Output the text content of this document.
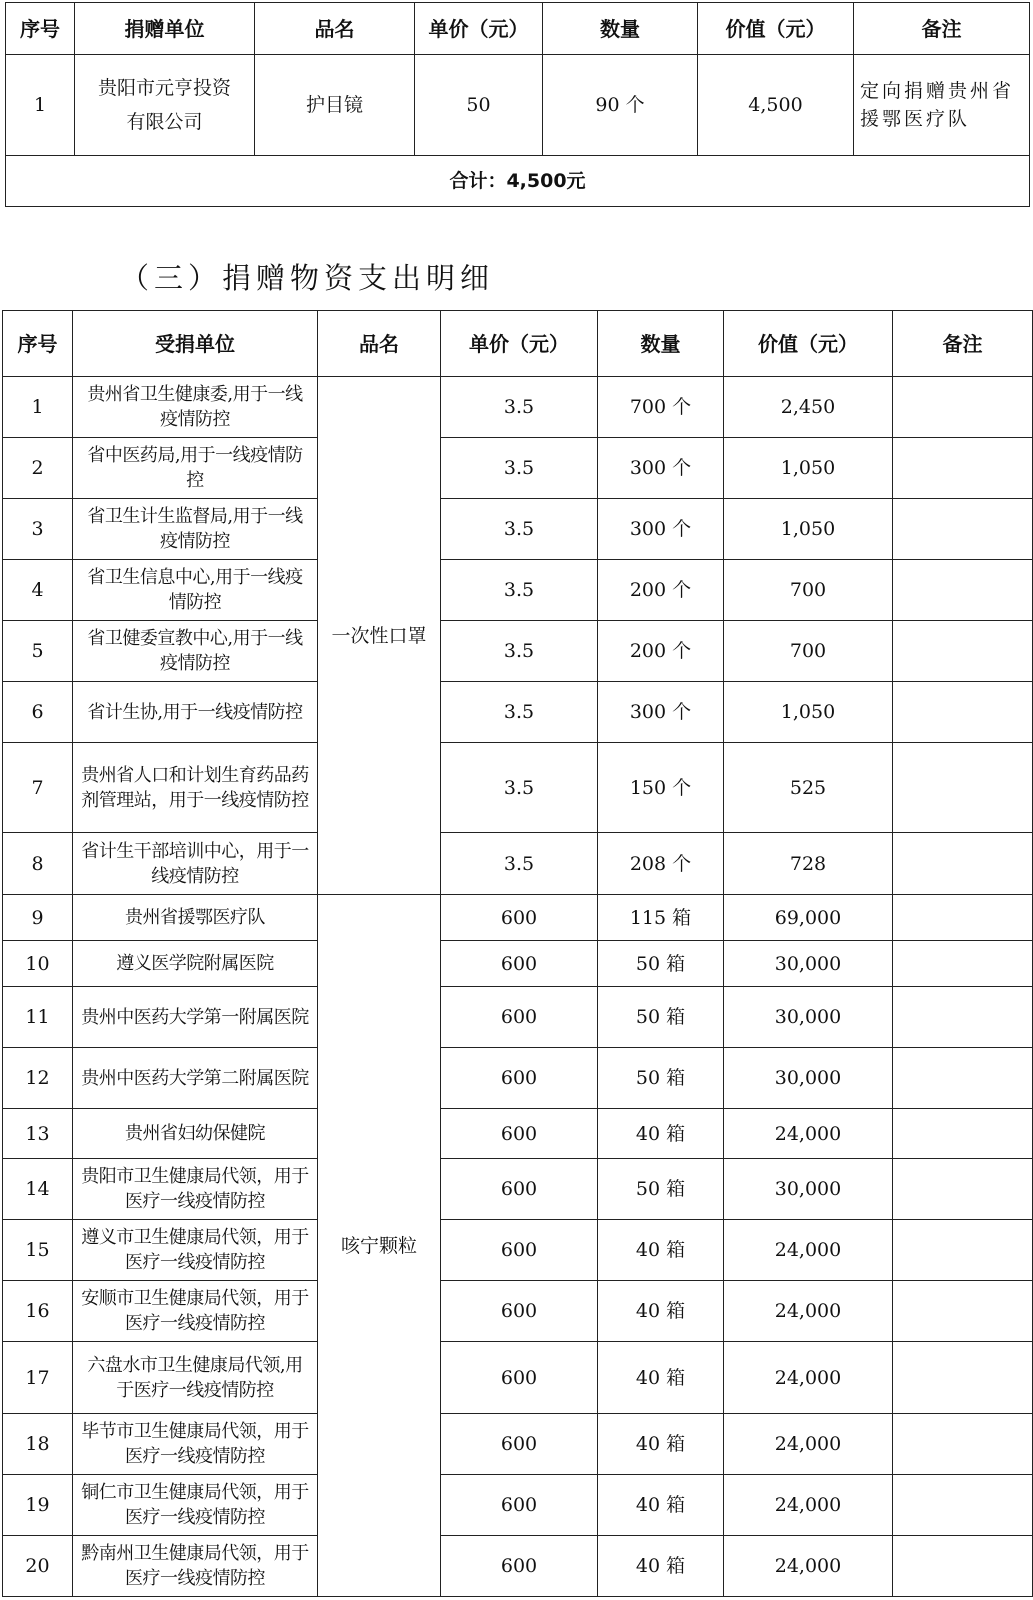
序号	捐赠单位	品名	单价（元）	数量	价值（元）	备注
1	贵阳市元亨投资有限公司	护目镜	50	90 个	4,500	定向捐赠贵州省援鄂医疗队
合计：4,500元						
（三）捐赠物资支出明细
序号	受捐单位	品名	单价（元）	数量	价值（元）	备注
1	贵州省卫生健康委,用于一线疫情防控	一次性口罩	3.5	700 个	2,450	
2	省中医药局,用于一线疫情防控		3.5	300 个	1,050	
3	省卫生计生监督局,用于一线疫情防控		3.5	300 个	1,050	
4	省卫生信息中心,用于一线疫情防控		3.5	200 个	700	
5	省卫健委宣教中心,用于一线疫情防控		3.5	200 个	700	
6	省计生协,用于一线疫情防控		3.5	300 个	1,050	
7	贵州省人口和计划生育药品药剂管理站，用于一线疫情防控		3.5	150 个	525	
8	省计生干部培训中心，用于一线疫情防控		3.5	208 个	728	
9	贵州省援鄂医疗队	咳宁颗粒	600	115 箱	69,000	
10	遵义医学院附属医院		600	50 箱	30,000	
11	贵州中医药大学第一附属医院		600	50 箱	30,000	
12	贵州中医药大学第二附属医院		600	50 箱	30,000	
13	贵州省妇幼保健院		600	40 箱	24,000	
14	贵阳市卫生健康局代领，用于医疗一线疫情防控		600	50 箱	30,000	
15	遵义市卫生健康局代领，用于医疗一线疫情防控		600	40 箱	24,000	
16	安顺市卫生健康局代领，用于医疗一线疫情防控		600	40 箱	24,000	
17	六盘水市卫生健康局代领,用于医疗一线疫情防控		600	40 箱	24,000	
18	毕节市卫生健康局代领，用于医疗一线疫情防控		600	40 箱	24,000	
19	铜仁市卫生健康局代领，用于医疗一线疫情防控		600	40 箱	24,000	
20	黔南州卫生健康局代领，用于医疗一线疫情防控		600	40 箱	24,000	
